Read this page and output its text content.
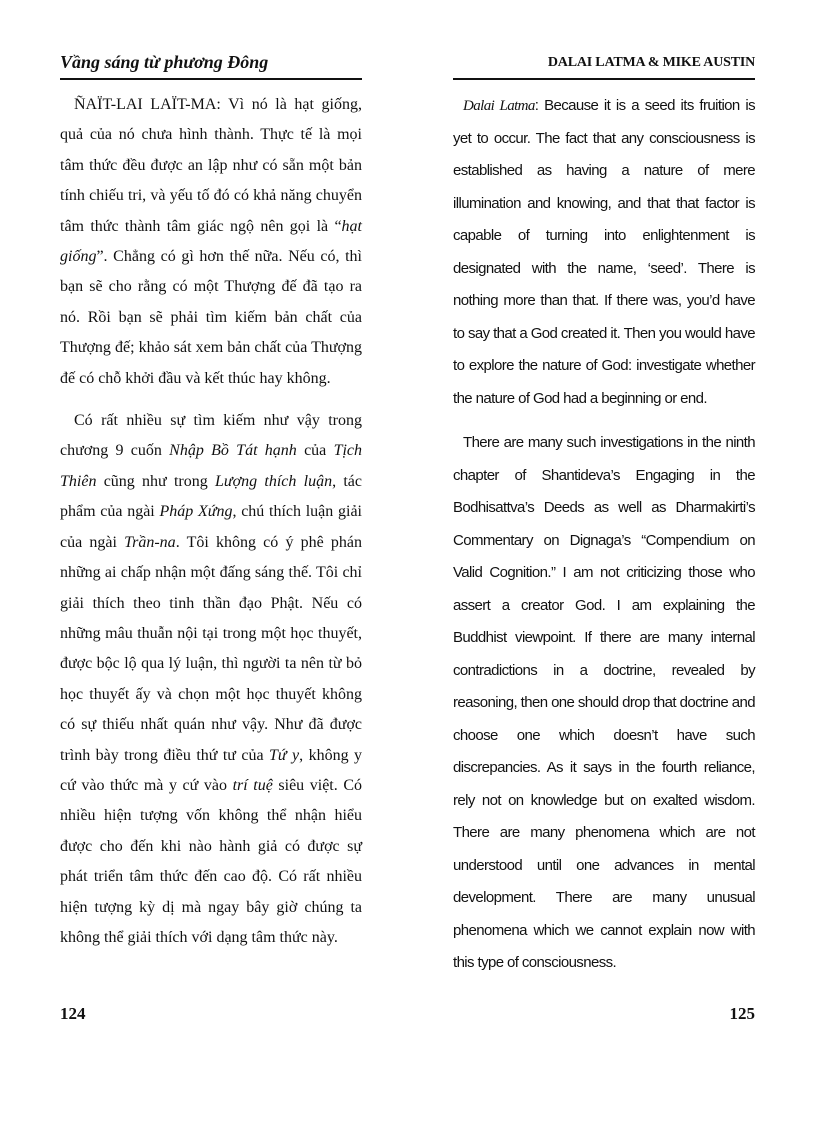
Vầng sáng từ phương Đông

ÑAÏT-LAI LAÏT-MA: Vì nó là hạt giống, quả của nó chưa hình thành. Thực tế là mọi tâm thức đều được an lập như có sẵn một bản tính chiếu tri, và yếu tố đó có khả năng chuyển tâm thức thành tâm giác ngộ nên gọi là “hạt giống”. Chẳng có gì hơn thế nữa. Nếu có, thì bạn sẽ cho rằng có một Thượng đế đã tạo ra nó. Rồi bạn sẽ phải tìm kiếm bản chất của Thượng đế; khảo sát xem bản chất của Thượng đế có chỗ khởi đầu và kết thúc hay không.

Có rất nhiều sự tìm kiếm như vậy trong chương 9 cuốn Nhập Bồ Tát hạnh của Tịch Thiên cũng như trong Lượng thích luận, tác phẩm của ngài Pháp Xứng, chú thích luận giải của ngài Trần-na. Tôi không có ý phê phán những ai chấp nhận một đấng sáng thế. Tôi chỉ giải thích theo tinh thần đạo Phật. Nếu có những mâu thuẫn nội tại trong một học thuyết, được bộc lộ qua lý luận, thì người ta nên từ bỏ học thuyết ấy và chọn một học thuyết không có sự thiếu nhất quán như vậy. Như đã được trình bày trong điều thứ tư của Tứ y, không y cứ vào thức mà y cứ vào trí tuệ siêu việt. Có nhiều hiện tượng vốn không thể nhận hiểu được cho đến khi nào hành giả có được sự phát triển tâm thức đến cao độ. Có rất nhiều hiện tượng kỳ dị mà ngay bây giờ chúng ta không thể giải thích với dạng tâm thức này.

124
DALAI LATMA & MIKE AUSTIN

Dalai Latma: Because it is a seed its fruition is yet to occur. The fact that any consciousness is established as having a nature of mere illumination and knowing, and that that factor is capable of turning into enlightenment is designated with the name, ‘seed’. There is nothing more than that. If there was, you’d have to say that a God created it. Then you would have to explore the nature of God: investigate whether the nature of God had a beginning or end.

There are many such investigations in the ninth chapter of Shantideva’s Engaging in the Bodhisattva’s Deeds as well as Dharmakirti’s Commentary on Dignaga’s “Compendium on Valid Cognition.” I am not criticizing those who assert a creator God. I am explaining the Buddhist viewpoint. If there are many internal contradictions in a doctrine, revealed by reasoning, then one should drop that doctrine and choose one which doesn’t have such discrepancies. As it says in the fourth reliance, rely not on knowledge but on exalted wisdom. There are many phenomena which are not understood until one advances in mental development. There are many unusual phenomena which we cannot explain now with this type of consciousness.

125
